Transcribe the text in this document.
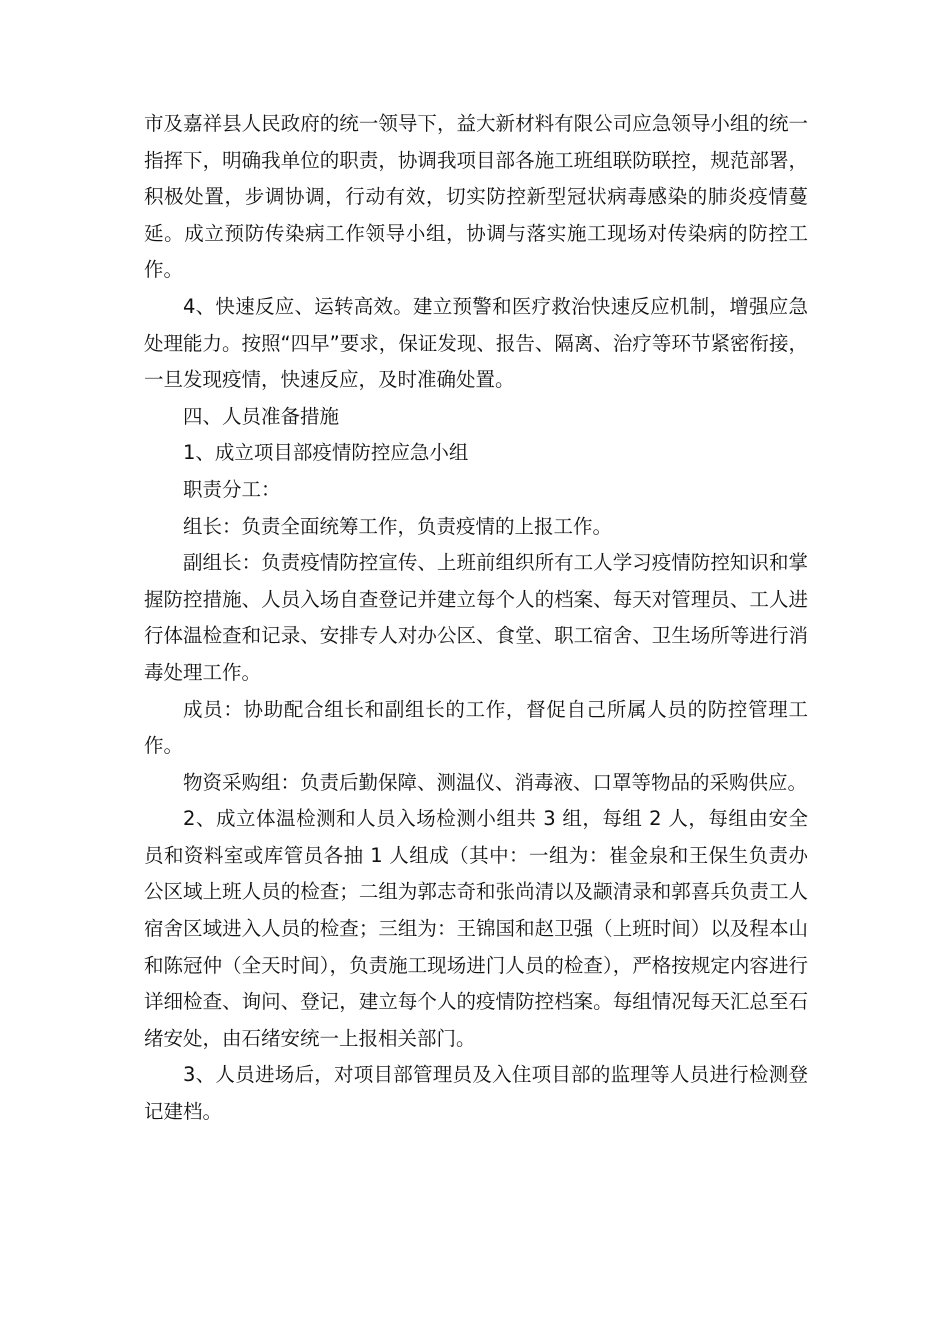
市及嘉祥县人民政府的统一领导下，益大新材料有限公司应急领导小组的统一指挥下，明确我单位的职责，协调我项目部各施工班组联防联控，规范部署，积极处置，步调协调，行动有效，切实防控新型冠状病毒感染的肺炎疫情蔓延。成立预防传染病工作领导小组，协调与落实施工现场对传染病的防控工作。

4、快速反应、运转高效。建立预警和医疗救治快速反应机制，增强应急处理能力。按照“四早”要求，保证发现、报告、隔离、治疗等环节紧密衔接，一旦发现疫情，快速反应，及时准确处置。

四、人员准备措施

1、成立项目部疫情防控应急小组

职责分工：

组长：负责全面统筹工作，负责疫情的上报工作。

副组长：负责疫情防控宣传、上班前组织所有工人学习疫情防控知识和掌握防控措施、人员入场自查登记并建立每个人的档案、每天对管理员、工人进行体温检查和记录、安排专人对办公区、食堂、职工宿舍、卫生场所等进行消毒处理工作。

成员：协助配合组长和副组长的工作，督促自己所属人员的防控管理工作。

物资采购组：负责后勤保障、测温仪、消毒液、口罩等物品的采购供应。

2、成立体温检测和人员入场检测小组共 3 组，每组 2 人，每组由安全员和资料室或库管员各抽 1 人组成（其中：一组为：崔金泉和王保生负责办公区域上班人员的检查；二组为郭志奇和张尚清以及颛清录和郭喜兵负责工人宿舍区域进入人员的检查；三组为：王锦国和赵卫强（上班时间）以及程本山和陈冠仲（全天时间），负责施工现场进门人员的检查），严格按规定内容进行详细检查、询问、登记，建立每个人的疫情防控档案。每组情况每天汇总至石绪安处，由石绪安统一上报相关部门。

3、人员进场后，对项目部管理员及入住项目部的监理等人员进行检测登记建档。
